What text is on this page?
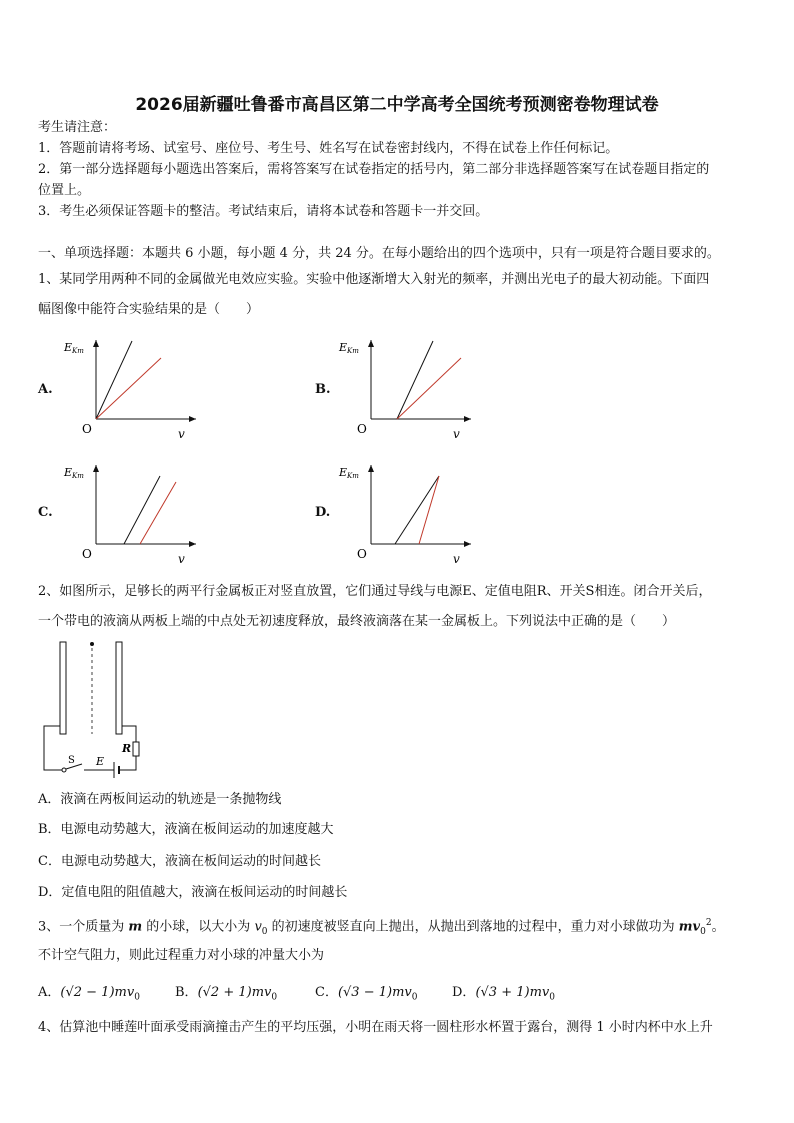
2026届新疆吐鲁番市高昌区第二中学高考全国统考预测密卷物理试卷
考生请注意：
1．答题前请将考场、试室号、座位号、考生号、姓名写在试卷密封线内，不得在试卷上作任何标记。
2．第一部分选择题每小题选出答案后，需将答案写在试卷指定的括号内，第二部分非选择题答案写在试卷题目指定的
位置上。
3．考生必须保证答题卡的整洁。考试结束后，请将本试卷和答题卡一并交回。
一、单项选择题：本题共 6 小题，每小题 4 分，共 24 分。在每小题给出的四个选项中，只有一项是符合题目要求的。
1、某同学用两种不同的金属做光电效应实验。实验中他逐渐增大入射光的频率，并测出光电子的最大初动能。下面四
幅图像中能符合实验结果的是（　　）
A.
EKm
O	v
B.
EKm
O	v
C.
EKm
O	v
D.
EKm
O	v
2、如图所示，足够长的两平行金属板正对竖直放置，它们通过导线与电源E、定值电阻R、开关S相连。闭合开关后，
一个带电的液滴从两板上端的中点处无初速度释放，最终液滴落在某一金属板上。下列说法中正确的是（　　）
S E
R
A．液滴在两板间运动的轨迹是一条抛物线
B．电源电动势越大，液滴在板间运动的加速度越大
C．电源电动势越大，液滴在板间运动的时间越长
D．定值电阻的阻值越大，液滴在板间运动的时间越长
3、一个质量为 m 的小球，以大小为 $v_0$ 的初速度被竖直向上抛出，从抛出到落地的过程中，重力对小球做功为 $mv_0^2$。
不计空气阻力，则此过程重力对小球的冲量大小为
A．$(√2 - 1)mv_0$	B．$(√2 + 1)mv_0$	C．$(√3 - 1)mv_0$	D．$(√3 + 1)mv_0$
4、估算池中睡莲叶面承受雨滴撞击产生的平均压强，小明在雨天将一圆柱形水杯置于露台，测得 1 小时内杯中水上升
